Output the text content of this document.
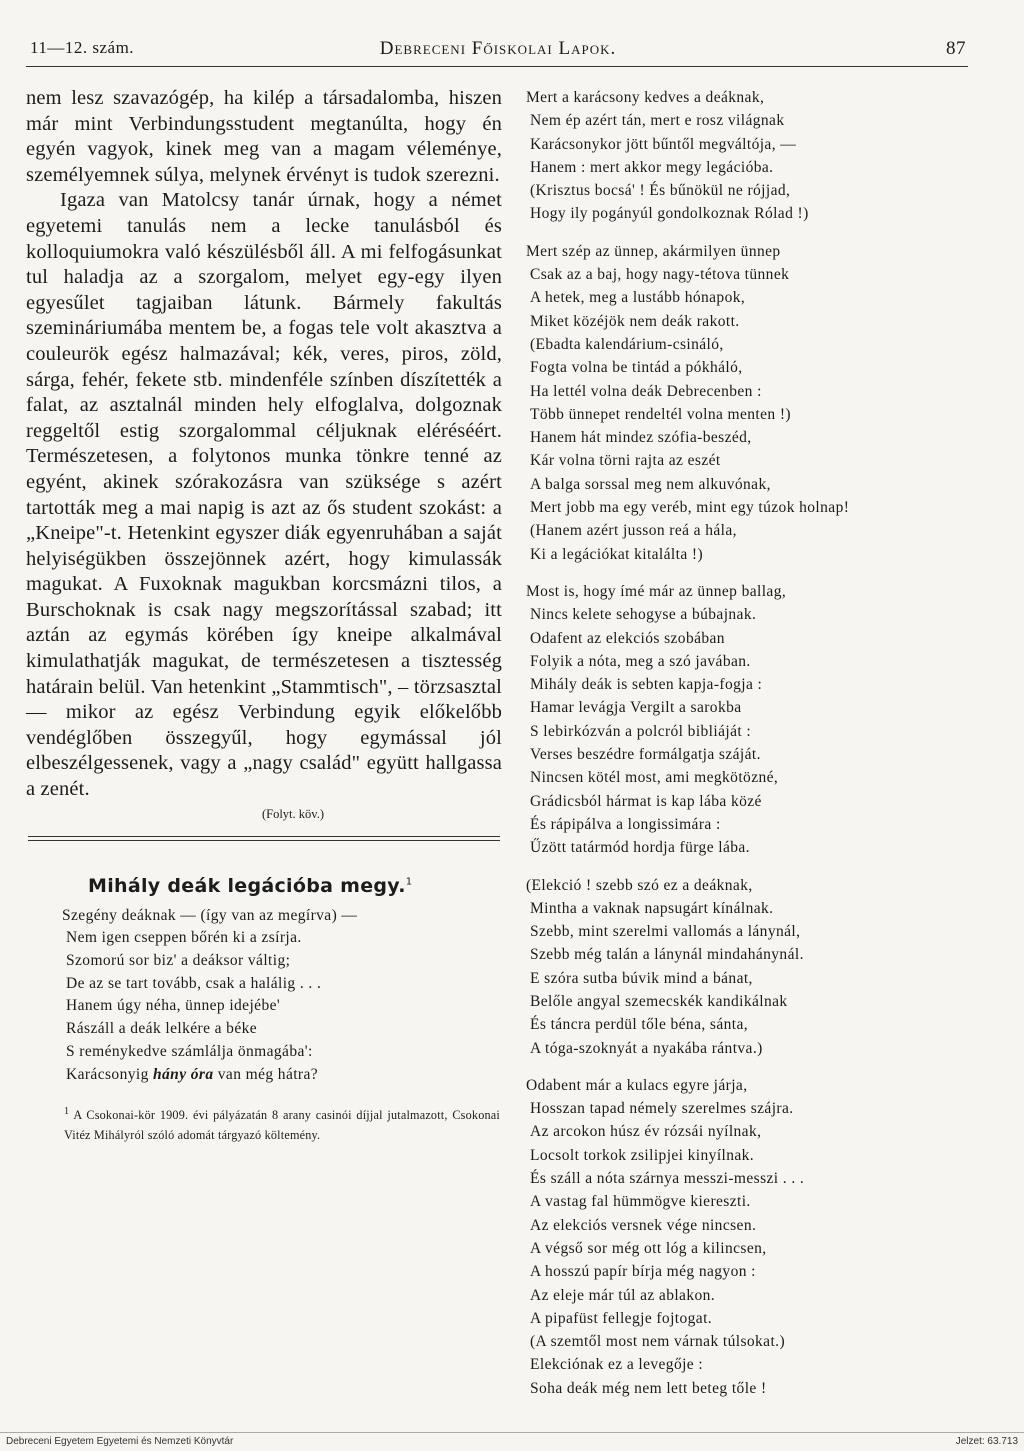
11—12. szám.	Debreceni Főiskolai Lapok.	87

nem lesz szavazógép, ha kilép a társadalomba, hiszen már mint Verbindungsstudent megtanúlta, hogy én egyén vagyok, kinek meg van a magam véleménye, személyemnek súlya, melynek érvényt is tudok szerezni.

Igaza van Matolcsy tanár úrnak, hogy a német egyetemi tanulás nem a lecke tanulásból és kolloquiumokra való készülésből áll. A mi felfogásunkat tul haladja az a szorgalom, melyet egy-egy ilyen egyesűlet tagjaiban látunk. Bármely fakultás szemináriumába mentem be, a fogas tele volt akasztva a couleurök egész halmazával; kék, veres, piros, zöld, sárga, fehér, fekete stb. mindenféle színben díszítették a falat, az asztalnál minden hely elfoglalva, dolgoznak reggeltől estig szorgalommal céljuknak eléréséért. Természetesen, a folytonos munka tönkre tenné az egyént, akinek szórakozásra van szüksége s azért tartották meg a mai napig is azt az ős student szokást: a „Kneipe"-t. Hetenkint egyszer diák egyenruhában a saját helyiségükben összejönnek azért, hogy kimulassák magukat. A Fuxoknak magukban korcsmázni tilos, a Burschoknak is csak nagy megszorítással szabad; itt aztán az egymás körében így kneipe alkalmával kimulathatják magukat, de természetesen a tisztesség határain belül. Van hetenkint „Stammtisch", – törzsasztal — mikor az egész Verbindung egyik előkelőbb vendéglőben összegyűl, hogy egymással jól elbeszélgessenek, vagy a „nagy család" együtt hallgassa a zenét.

(Folyt. köv.)
Mihály deák legációba megy.$^1$
Szegény deáknak — (így van az megírva) —
Nem igen cseppen bőrén ki a zsírja.
Szomorú sor biz' a deáksor váltig;
De az se tart tovább, csak a halálig . . .
Hanem úgy néha, ünnep idejébe'
Rászáll a deák lelkére a béke
S reménykedve számlálja önmagába':
Karácsonyig hány óra van még hátra?
$^1$ A Csokonai-kör 1909. évi pályázatán 8 arany casinói díjjal jutalmazott, Csokonai Vitéz Mihályról szóló adomát tárgyazó költemény.
Mert a karácsony kedves a deáknak,
Nem ép azért tán, mert e rosz világnak
Karácsonykor jött bűntől megváltója, —
Hanem : mert akkor megy legációba.
(Krisztus bocsá' ! És bűnökül ne rójjad,
Hogy ily pogányúl gondolkoznak Rólad !)
Mert szép az ünnep, akármilyen ünnep
Csak az a baj, hogy nagy-tétova tünnek
A hetek, meg a lustább hónapok,
Miket közéjök nem deák rakott.
(Ebadta kalendárium-csináló,
Fogta volna be tintád a pókháló,
Ha lettél volna deák Debrecenben :
Több ünnepet rendeltél volna menten !)
Hanem hát mindez szófia-beszéd,
Kár volna törni rajta az eszét
A balga sorssal meg nem alkuvónak,
Mert jobb ma egy veréb, mint egy túzok holnap!
(Hanem azért jusson reá a hála,
Ki a legációkat kitalálta !)
Most is, hogy ímé már az ünnep ballag,
Nincs kelete sehogyse a búbajnak.
Odafent az elekciós szobában
Folyik a nóta, meg a szó javában.
Mihály deák is sebten kapja-fogja :
Hamar levágja Vergilt a sarokba
S lebirkózván a polcról bibliáját :
Verses beszédre formálgatja száját.
Nincsen kötél most, ami megkötözné,
Grádicsból hármat is kap lába közé
És rápipálva a longissimára :
Űzött tatármód hordja fürge lába.
(Elekció ! szebb szó ez a deáknak,
Mintha a vaknak napsugárt kínálnak.
Szebb, mint szerelmi vallomás a lánynál,
Szebb még talán a lánynál mindahánynál.
E szóra sutba búvik mind a bánat,
Belőle angyal szemecskék kandikálnak
És táncra perdül tőle béna, sánta,
A tóga-szoknyát a nyakába rántva.)
Odabent már a kulacs egyre járja,
Hosszan tapad némely szerelmes szájra.
Az arcokon húsz év rózsái nyílnak,
Locsolt torkok zsilipjei kinyílnak.
És száll a nóta szárnya messzi-messzi . . .
A vastag fal hümmögve kiereszti.
Az elekciós versnek vége nincsen.
A végső sor még ott lóg a kilincsen,
A hosszú papír bírja még nagyon :
Az eleje már túl az ablakon.
A pipafüst fellegje fojtogat.
(A szemtől most nem várnak túlsokat.)
Elekciónak ez a levegője :
Soha deák még nem lett beteg tőle !
Debreceni Egyetem Egyetemi és Nemzeti Könyvtár	Jelzet: 63.713
